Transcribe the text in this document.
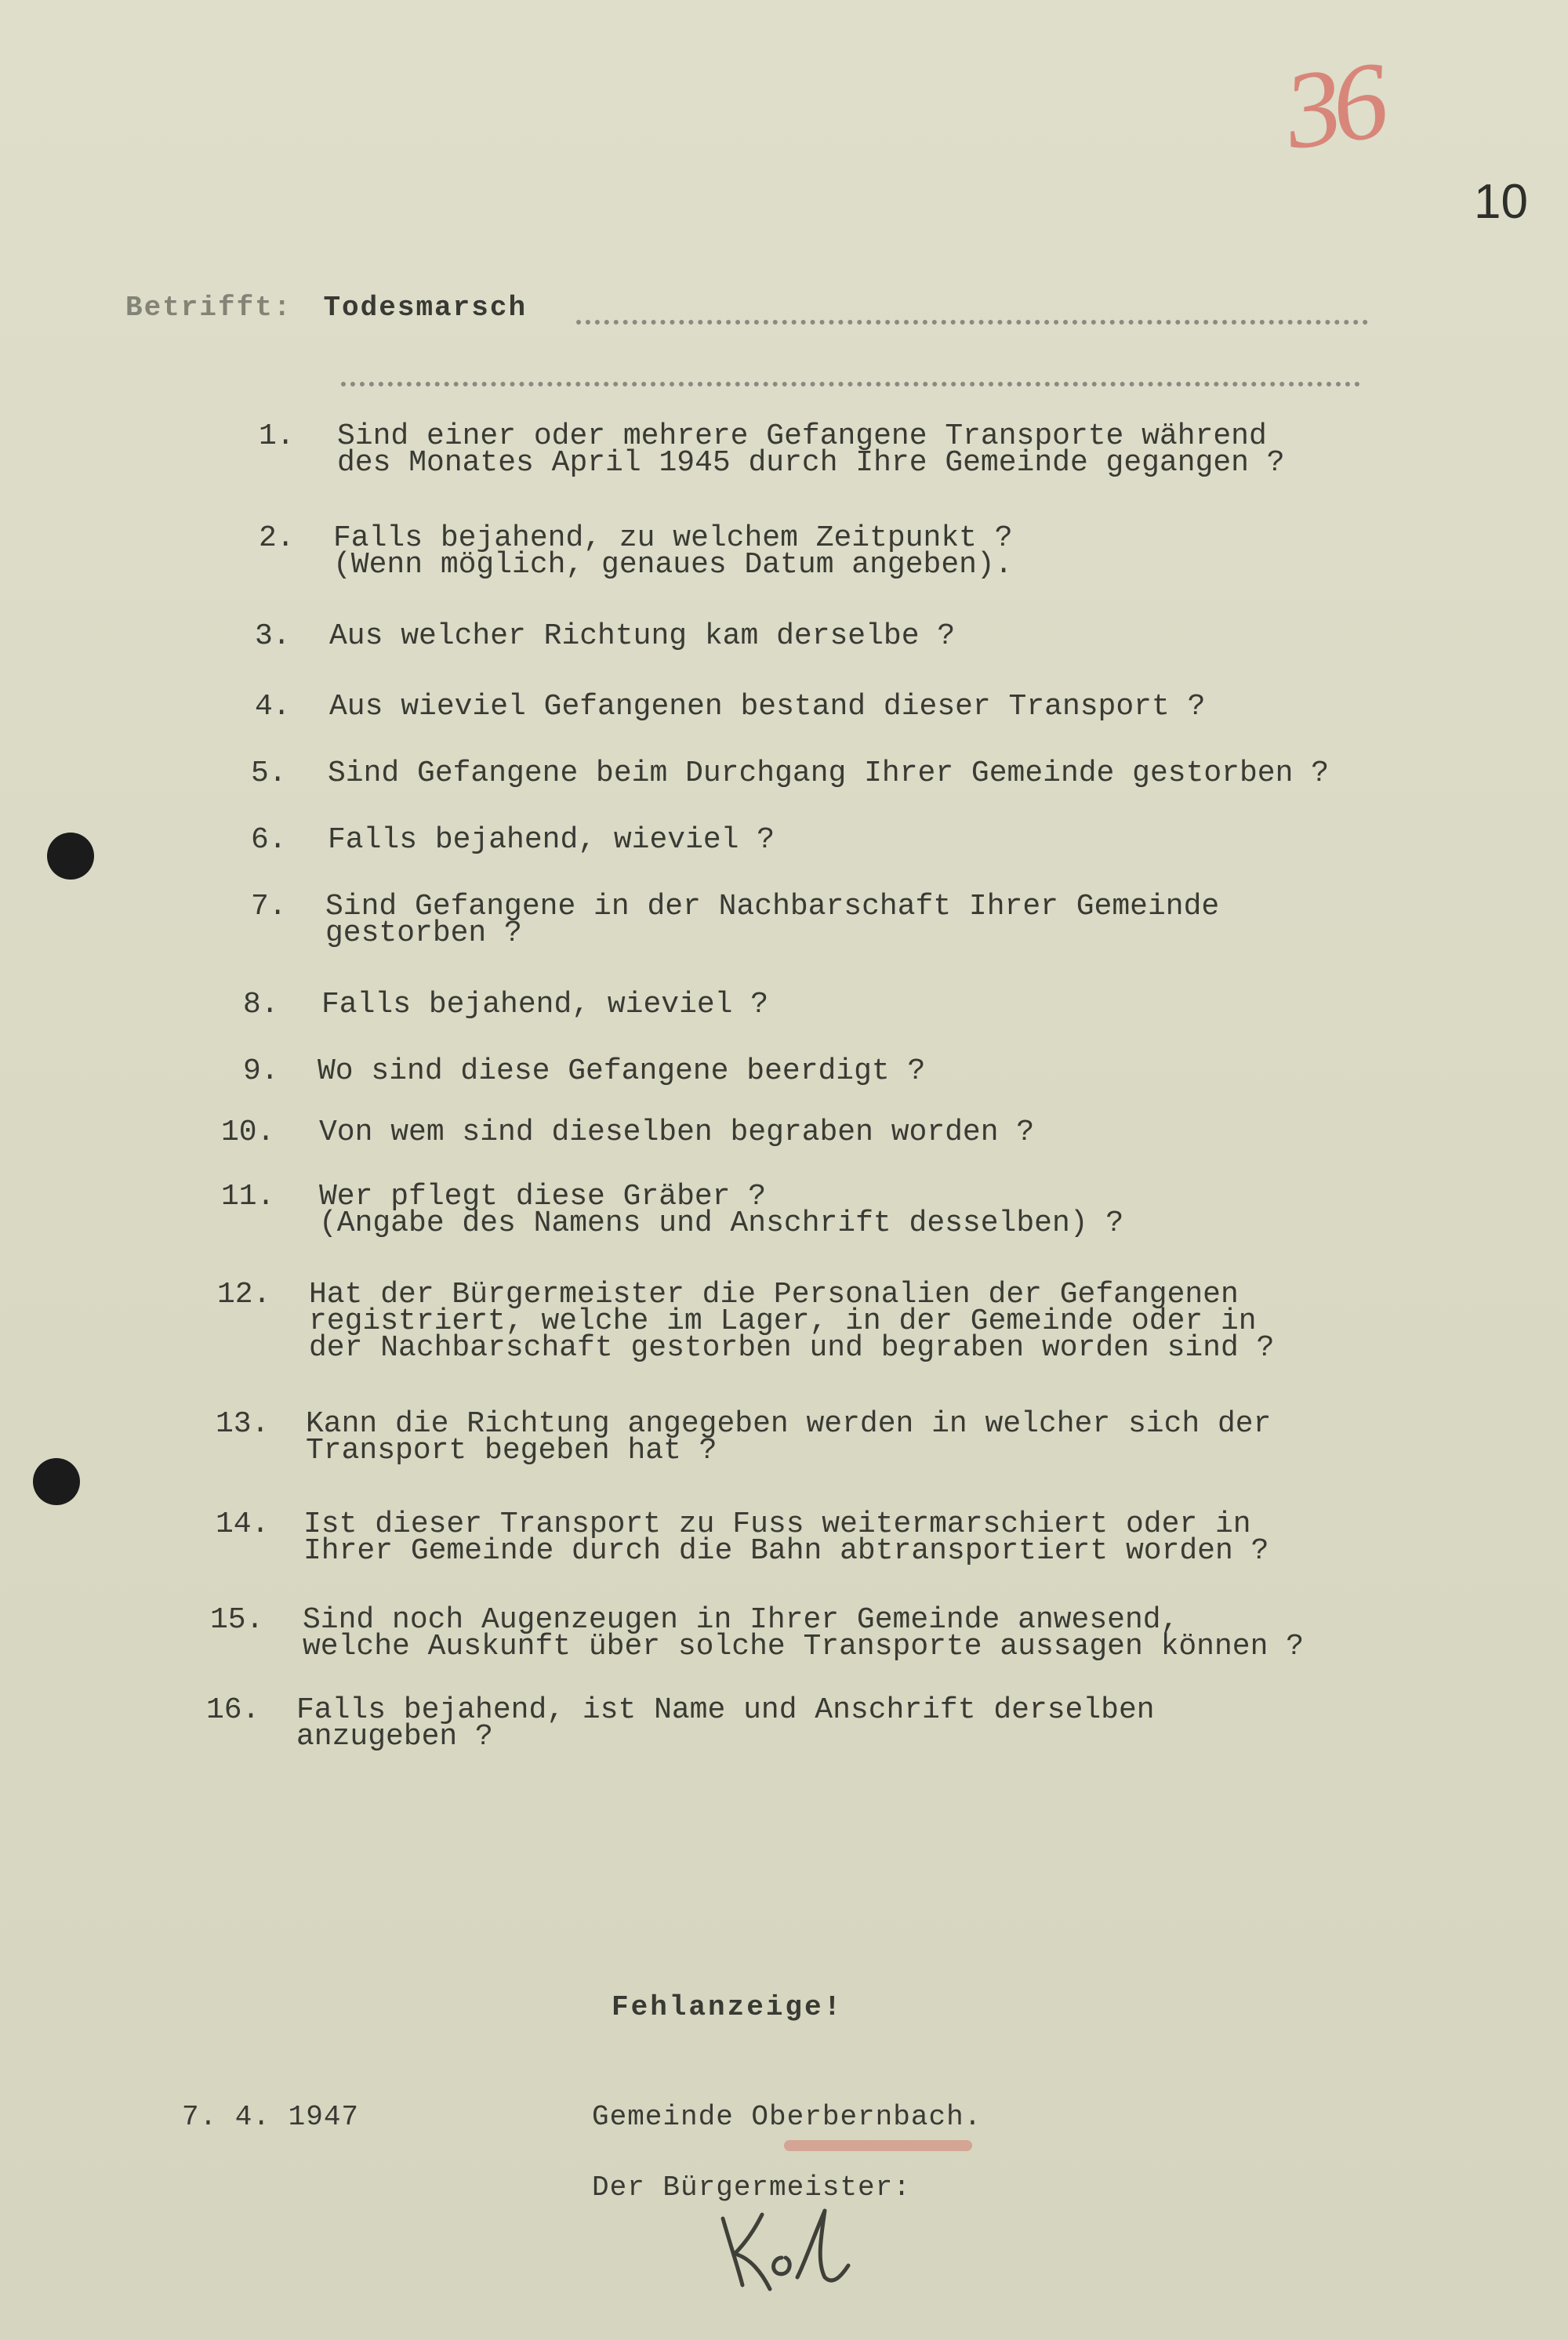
36
10
Betrifft: Todesmarsch
1. Sind einer oder mehrere Gefangene Transporte während
des Monates April 1945 durch Ihre Gemeinde gegangen ?
2. Falls bejahend, zu welchem Zeitpunkt ?
(Wenn möglich, genaues Datum angeben).
3. Aus welcher Richtung kam derselbe ?
4. Aus wieviel Gefangenen bestand dieser Transport ?
5. Sind Gefangene beim Durchgang Ihrer Gemeinde gestorben ?
6. Falls bejahend, wieviel ?
7. Sind Gefangene in der Nachbarschaft Ihrer Gemeinde
gestorben ?
8. Falls bejahend, wieviel ?
9. Wo sind diese Gefangene beerdigt ?
10. Von wem sind dieselben begraben worden ?
11. Wer pflegt diese Gräber ?
(Angabe des Namens und Anschrift desselben) ?
12. Hat der Bürgermeister die Personalien der Gefangenen
registriert, welche im Lager, in der Gemeinde oder in
der Nachbarschaft gestorben und begraben worden sind ?
13. Kann die Richtung angegeben werden in welcher sich der
Transport begeben hat ?
14. Ist dieser Transport zu Fuss weitermarschiert oder in
Ihrer Gemeinde durch die Bahn abtransportiert worden ?
15. Sind noch Augenzeugen in Ihrer Gemeinde anwesend,
welche Auskunft über solche Transporte aussagen können ?
16. Falls bejahend, ist Name und Anschrift derselben
anzugeben ?
Fehlanzeige!
7. 4. 1947	Gemeinde Oberbernbach.
Der Bürgermeister:
